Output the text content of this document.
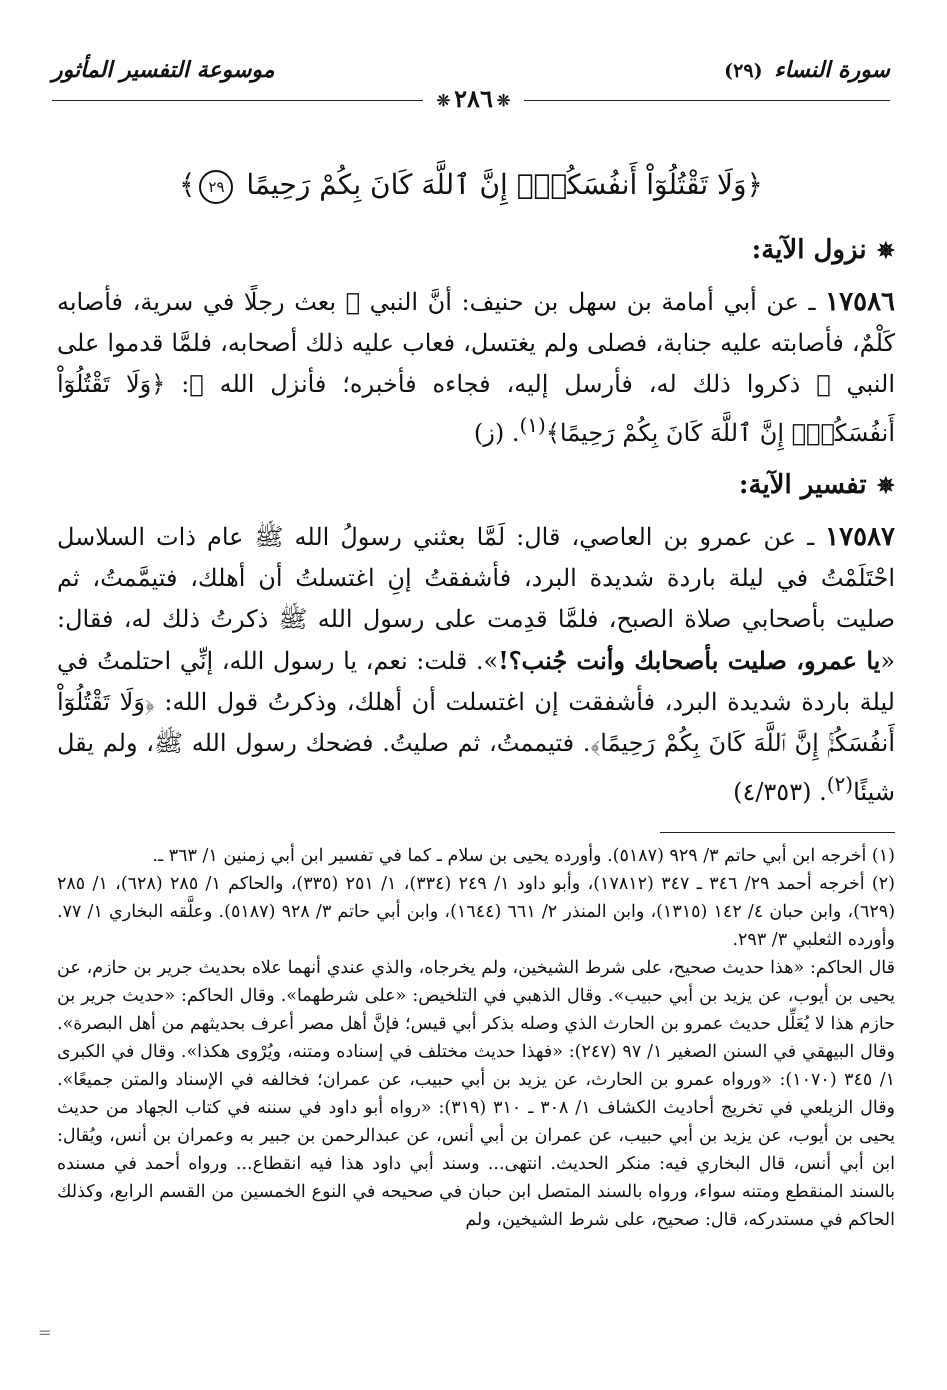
سورة النساء (٢٩)
موسوعة التفسير المأثور
❊٢٨٦❊
﴿وَلَا تَقْتُلُوٓاْ أَنفُسَكُمْۚ إِنَّ ٱللَّهَ كَانَ بِكُمْ رَحِيمًا ٢٩﴾
✵نزول الآية:
١٧٥٨٦ ـ عن أبي أمامة بن سهل بن حنيف: أنَّ النبي ﷺ بعث رجلًا في سرية، فأصابه كَلْمٌ، فأصابته عليه جنابة، فصلى ولم يغتسل، فعاب عليه ذلك أصحابه، فلمَّا قدموا على النبي ﷺ ذكروا ذلك له، فأرسل إليه، فجاءه فأخبره؛ فأنزل الله ﷻ: ﴿وَلَا تَقْتُلُوٓاْ أَنفُسَكُمْۚ إِنَّ ٱللَّهَ كَانَ بِكُمْ رَحِيمًا﴾$^{(١)}$. (ز)
✵تفسير الآية:
١٧٥٨٧ ـ عن عمرو بن العاصي، قال: لَمَّا بعثني رسولُ الله ﷺ عام ذات السلاسل احْتَلَمْتُ في ليلة باردة شديدة البرد، فأشفقتُ إنِ اغتسلتُ أن أهلك، فتيمَّمتُ، ثم صليت بأصحابي صلاة الصبح، فلمَّا قدِمت على رسول الله ﷺ ذكرتُ ذلك له، فقال: «يا عمرو، صليت بأصحابك وأنت جُنب؟!». قلت: نعم، يا رسول الله، إنِّي احتلمتُ في ليلة باردة شديدة البرد، فأشفقت إن اغتسلت أن أهلك، وذكرتُ قول الله: ﴿وَلَا تَقْتُلُوٓاْ أَنفُسَكُمْۚ إِنَّ ٱللَّهَ كَانَ بِكُمْ رَحِيمًا﴾. فتيممتُ، ثم صليتُ. فضحك رسول الله ﷺ، ولم يقل شيئًا$^{(٢)}$. (٤/٣٥٣)

(١) أخرجه ابن أبي حاتم ٣/ ٩٢٩ (٥١٨٧). وأورده يحيى بن سلام ـ كما في تفسير ابن أبي زمنين ١/ ٣٦٣ ـ.

(٢) أخرجه أحمد ٢٩/ ٣٤٦ ـ ٣٤٧ (١٧٨١٢)، وأبو داود ١/ ٢٤٩ (٣٣٤)، ١/ ٢٥١ (٣٣٥)، والحاكم ١/ ٢٨٥ (٦٢٨)، ١/ ٢٨٥ (٦٢٩)، وابن حبان ٤/ ١٤٢ (١٣١٥)، وابن المنذر ٢/ ٦٦١ (١٦٤٤)، وابن أبي حاتم ٣/ ٩٢٨ (٥١٨٧). وعلَّقه البخاري ١/ ٧٧. وأورده الثعلبي ٣/ ٢٩٣.

قال الحاكم: «هذا حديث صحيح، على شرط الشيخين، ولم يخرجاه، والذي عندي أنهما علاه بحديث جرير بن حازم، عن يحيى بن أيوب، عن يزيد بن أبي حبيب». وقال الذهبي في التلخيص: «على شرطهما». وقال الحاكم: «حديث جرير بن حازم هذا لا يُعَلِّل حديث عمرو بن الحارث الذي وصله بذكر أبي قيس؛ فإنَّ أهل مصر أعرف بحديثهم من أهل البصرة». وقال البيهقي في السنن الصغير ١/ ٩٧ (٢٤٧): «فهذا حديث مختلف في إسناده ومتنه، ويُرْوى هكذا». وقال في الكبرى ١/ ٣٤٥ (١٠٧٠): «ورواه عمرو بن الحارث، عن يزيد بن أبي حبيب، عن عمران؛ فخالفه في الإسناد والمتن جميعًا». وقال الزيلعي في تخريج أحاديث الكشاف ١/ ٣٠٨ ـ ٣١٠ (٣١٩): «رواه أبو داود في سننه في كتاب الجهاد من حديث يحيى بن أيوب، عن يزيد بن أبي حبيب، عن عمران بن أبي أنس، عن عبدالرحمن بن جبير به وعمران بن أنس، ويُقال: ابن أبي أنس، قال البخاري فيه: منكر الحديث. انتهى... وسند أبي داود هذا فيه انقطاع... ورواه أحمد في مسنده بالسند المنقطع ومتنه سواء، ورواه بالسند المتصل ابن حبان في صحيحه في النوع الخمسين من القسم الرابع، وكذلك الحاكم في مستدركه، قال: صحيح، على شرط الشيخين، ولم

=
